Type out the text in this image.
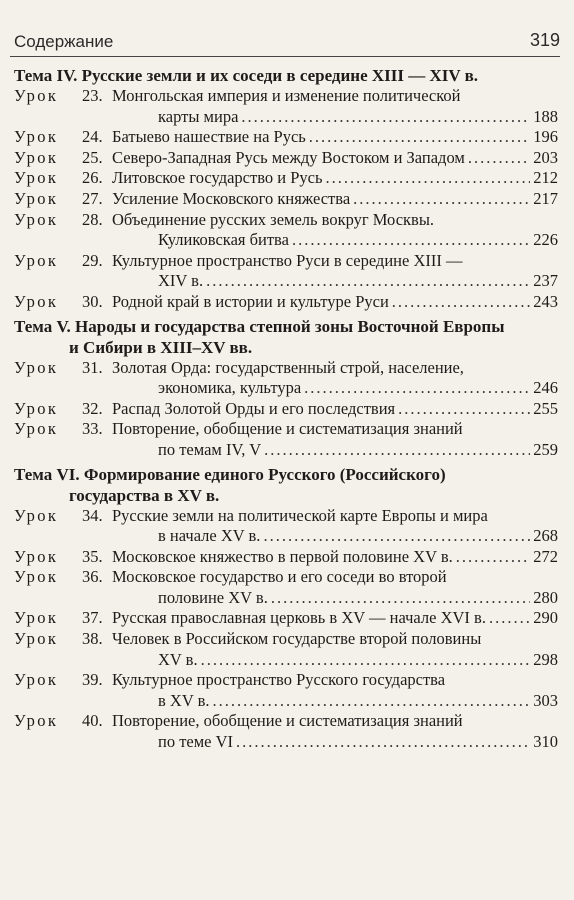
Содержание	319
Тема IV. Русские земли и их соседи в середине XIII — XIV в.
Урок	23. Монгольская империя и изменение политической
карты мира .....	188
Урок	24. Батыево нашествие на Русь .....	196
Урок	25. Северо-Западная Русь между Востоком и Западом .....	203
Урок	26. Литовское государство и Русь .....	212
Урок	27. Усиление Московского княжества .....	217
Урок	28. Объединение русских земель вокруг Москвы.
Куликовская битва .....	226
Урок	29. Культурное пространство Руси в середине XIII —
XIV в. .....	237
Урок	30. Родной край в истории и культуре Руси .....	243
Тема V. Народы и государства степной зоны Восточной Европы
и Сибири в XIII–XV вв.
Урок	31. Золотая Орда: государственный строй, население,
экономика, культура .....	246
Урок	32. Распад Золотой Орды и его последствия .....	255
Урок	33. Повторение, обобщение и систематизация знаний
по темам IV, V .....	259
Тема VI. Формирование единого Русского (Российского)
государства в XV в.
Урок	34. Русские земли на политической карте Европы и мира
в начале XV в. .....	268
Урок	35. Московское княжество в первой половине XV в. .....	272
Урок	36. Московское государство и его соседи во второй
половине XV в. .....	280
Урок	37. Русская православная церковь в XV — начале XVI в. .....	290
Урок	38. Человек в Российском государстве второй половины
XV в. .....	298
Урок	39. Культурное пространство Русского государства
в XV в. .....	303
Урок	40. Повторение, обобщение и систематизация знаний
по теме VI .....	310
